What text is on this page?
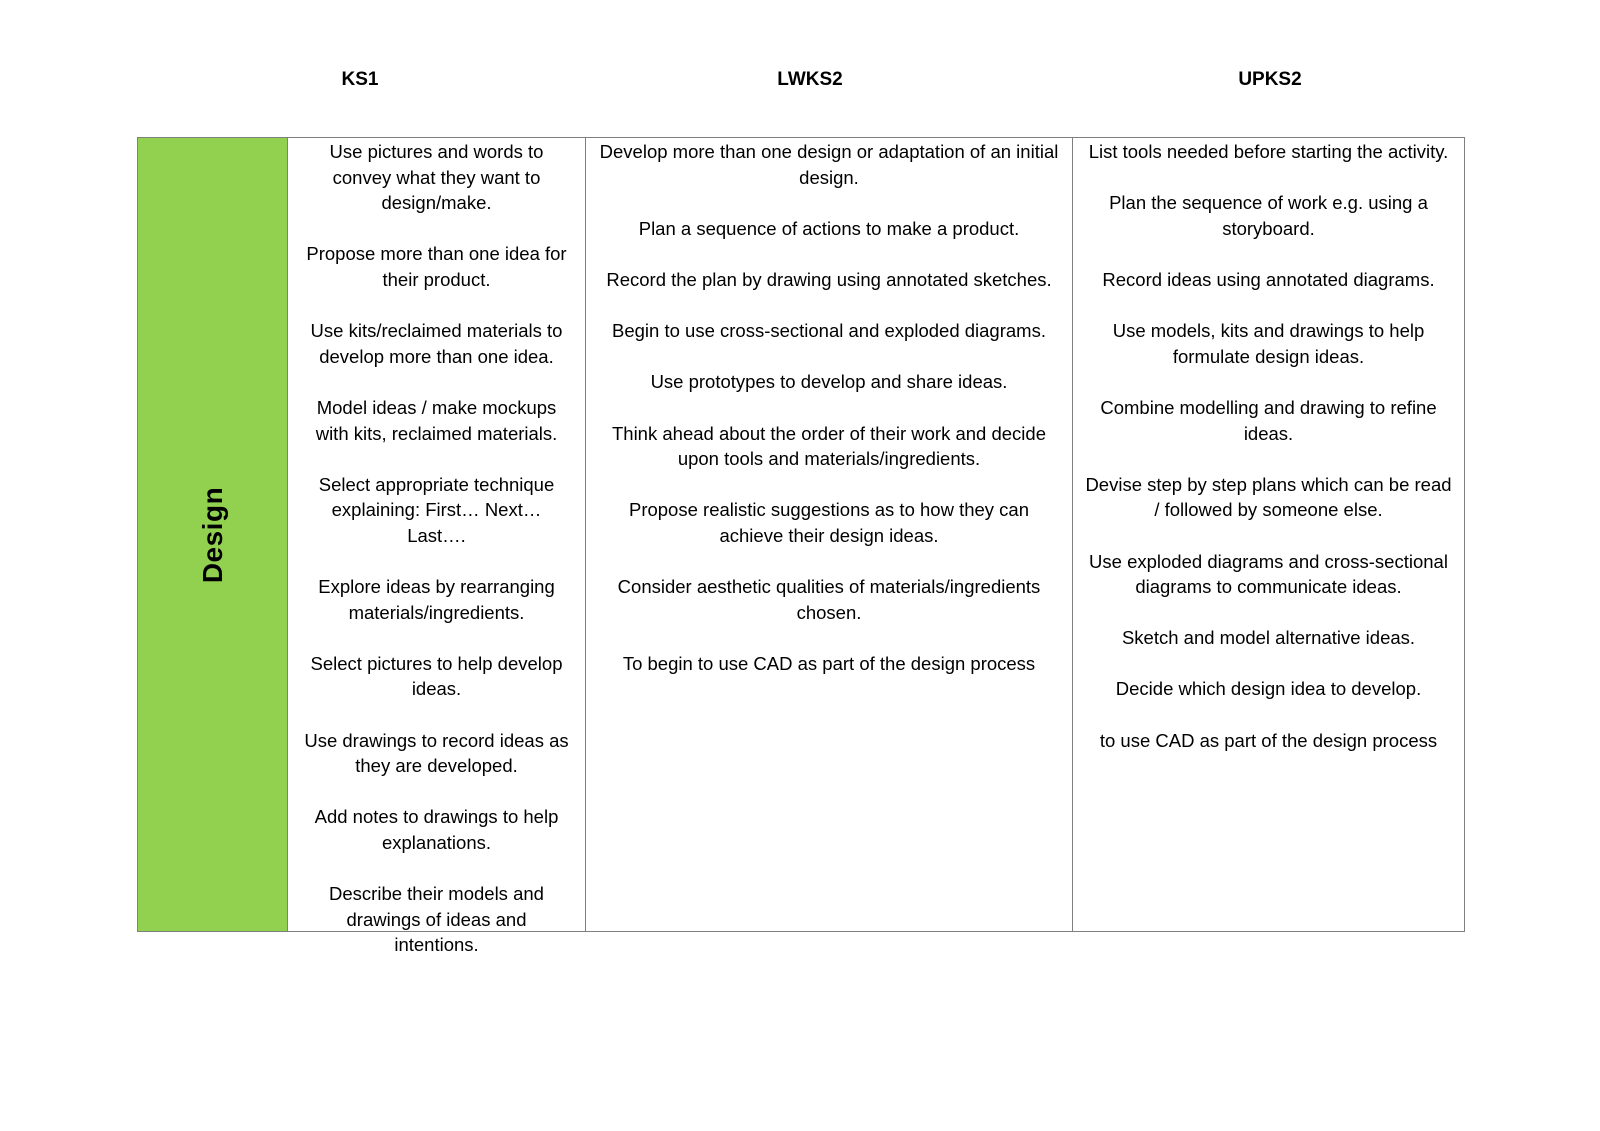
KS1	LWKS2	UPKS2
Design

Use pictures and words to convey what they want to design/make.

Propose more than one idea for their product.

Use kits/reclaimed materials to develop more than one idea.

Model ideas / make mockups with kits, reclaimed materials.

Select appropriate technique explaining: First… Next… Last….

Explore ideas by rearranging materials/ingredients.

Select pictures to help develop ideas.

Use drawings to record ideas as they are developed.

Add notes to drawings to help explanations.

Describe their models and drawings of ideas and intentions.

Develop more than one design or adaptation of an initial design.

Plan a sequence of actions to make a product.

Record the plan by drawing using annotated sketches.

Begin to use cross-sectional and exploded diagrams.

Use prototypes to develop and share ideas.

Think ahead about the order of their work and decide upon tools and materials/ingredients.

Propose realistic suggestions as to how they can achieve their design ideas.

Consider aesthetic qualities of materials/ingredients chosen.

To begin to use CAD as part of the design process

List tools needed before starting the activity.

Plan the sequence of work e.g. using a storyboard.

Record ideas using annotated diagrams.

Use models, kits and drawings to help formulate design ideas.

Combine modelling and drawing to refine ideas.

Devise step by step plans which can be read / followed by someone else.

Use exploded diagrams and cross-sectional diagrams to communicate ideas.

Sketch and model alternative ideas.

Decide which design idea to develop.

to use CAD as part of the design process
